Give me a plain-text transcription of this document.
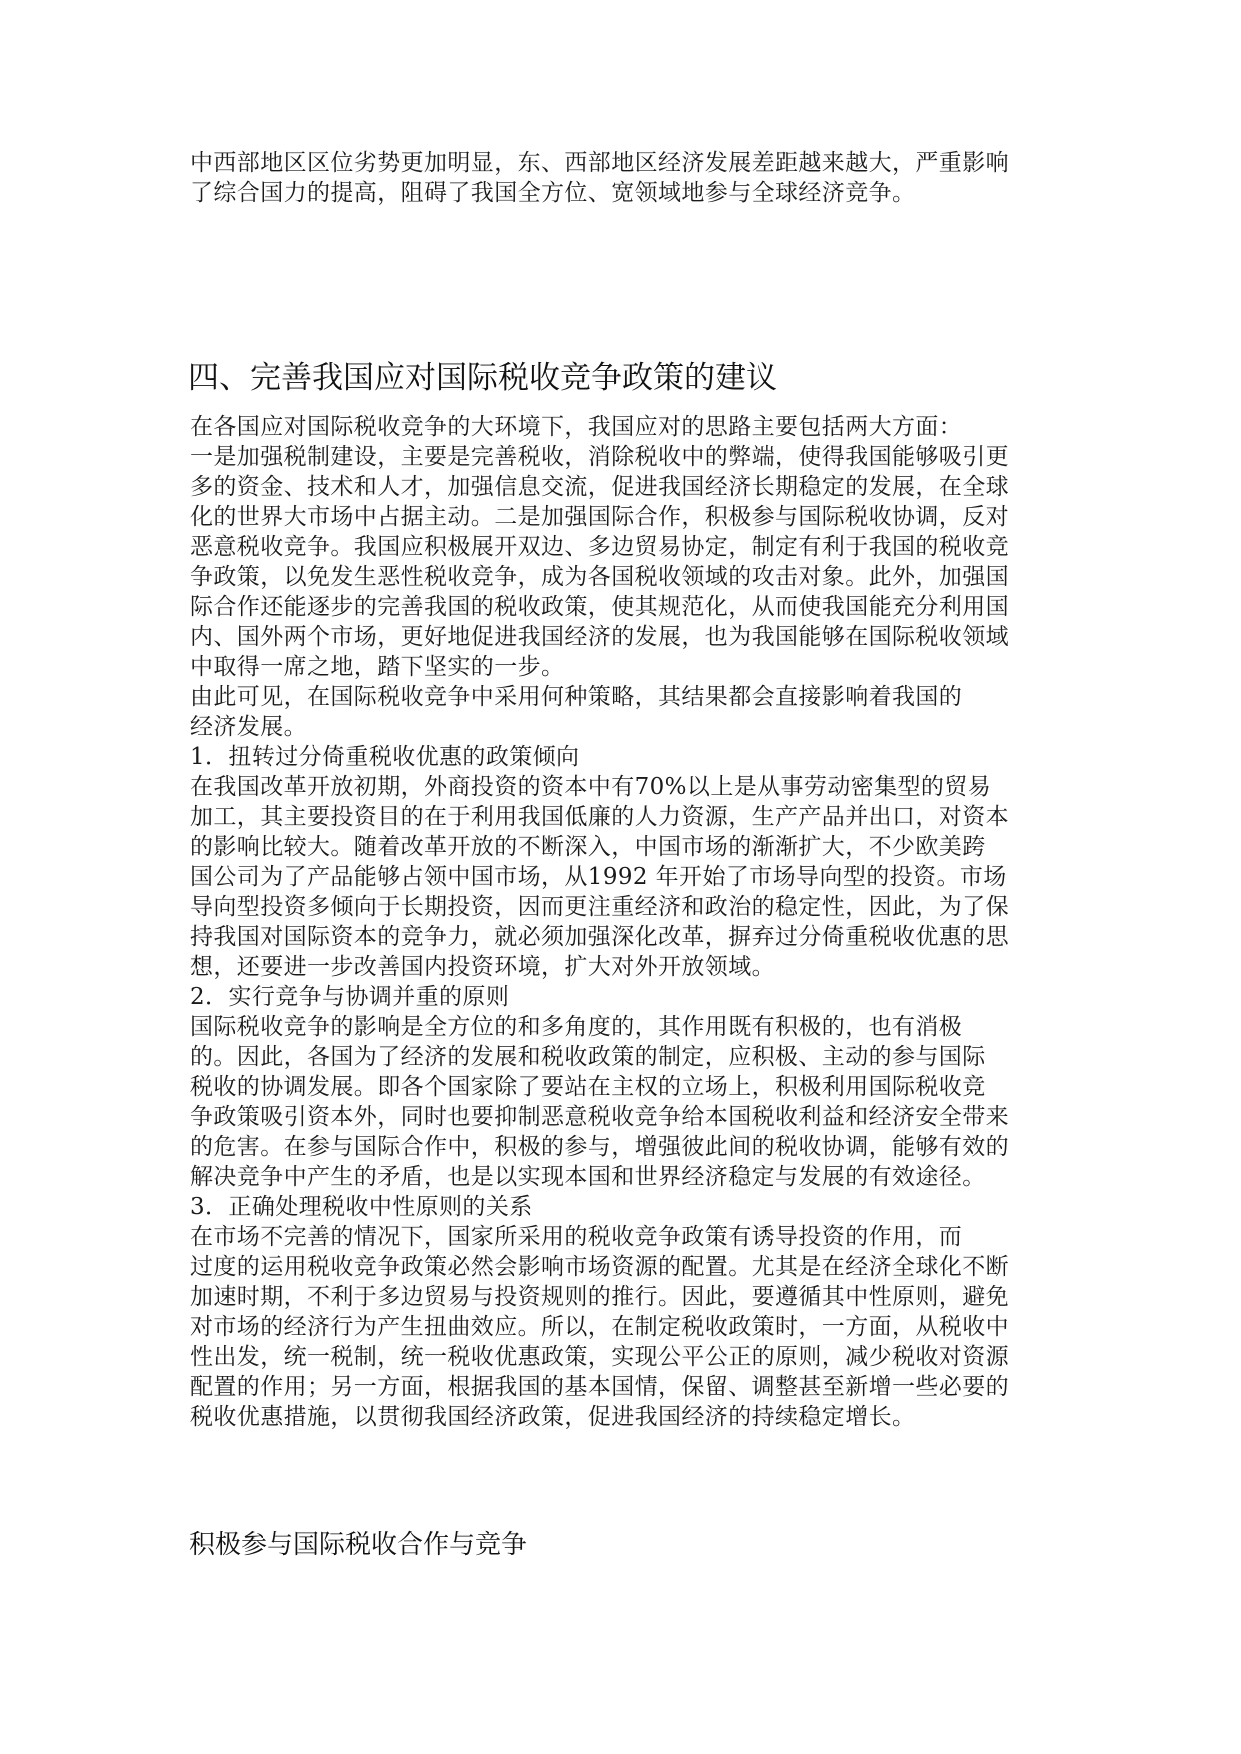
中西部地区区位劣势更加明显，东、西部地区经济发展差距越来越大，严重影响
了综合国力的提高，阻碍了我国全方位、宽领域地参与全球经济竞争。
四、完善我国应对国际税收竞争政策的建议
在各国应对国际税收竞争的大环境下，我国应对的思路主要包括两大方面：
一是加强税制建设，主要是完善税收，消除税收中的弊端，使得我国能够吸引更
多的资金、技术和人才，加强信息交流，促进我国经济长期稳定的发展，在全球
化的世界大市场中占据主动。二是加强国际合作，积极参与国际税收协调，反对
恶意税收竞争。我国应积极展开双边、多边贸易协定，制定有利于我国的税收竞
争政策，以免发生恶性税收竞争，成为各国税收领域的攻击对象。此外，加强国
际合作还能逐步的完善我国的税收政策，使其规范化，从而使我国能充分利用国
内、国外两个市场，更好地促进我国经济的发展，也为我国能够在国际税收领域
中取得一席之地，踏下坚实的一步。
由此可见，在国际税收竞争中采用何种策略，其结果都会直接影响着我国的
经济发展。
1．扭转过分倚重税收优惠的政策倾向
在我国改革开放初期，外商投资的资本中有70%以上是从事劳动密集型的贸易
加工，其主要投资目的在于利用我国低廉的人力资源，生产产品并出口，对资本
的影响比较大。随着改革开放的不断深入，中国市场的渐渐扩大，不少欧美跨
国公司为了产品能够占领中国市场，从1992 年开始了市场导向型的投资。市场
导向型投资多倾向于长期投资，因而更注重经济和政治的稳定性，因此，为了保
持我国对国际资本的竞争力，就必须加强深化改革，摒弃过分倚重税收优惠的思
想，还要进一步改善国内投资环境，扩大对外开放领域。
2．实行竞争与协调并重的原则
国际税收竞争的影响是全方位的和多角度的，其作用既有积极的，也有消极
的。因此，各国为了经济的发展和税收政策的制定，应积极、主动的参与国际
税收的协调发展。即各个国家除了要站在主权的立场上，积极利用国际税收竞
争政策吸引资本外，同时也要抑制恶意税收竞争给本国税收利益和经济安全带来
的危害。在参与国际合作中，积极的参与，增强彼此间的税收协调，能够有效的
解决竞争中产生的矛盾，也是以实现本国和世界经济稳定与发展的有效途径。
3．正确处理税收中性原则的关系
在市场不完善的情况下，国家所采用的税收竞争政策有诱导投资的作用，而
过度的运用税收竞争政策必然会影响市场资源的配置。尤其是在经济全球化不断
加速时期，不利于多边贸易与投资规则的推行。因此，要遵循其中性原则，避免
对市场的经济行为产生扭曲效应。所以，在制定税收政策时，一方面，从税收中
性出发，统一税制，统一税收优惠政策，实现公平公正的原则，减少税收对资源
配置的作用；另一方面，根据我国的基本国情，保留、调整甚至新增一些必要的
税收优惠措施，以贯彻我国经济政策，促进我国经济的持续稳定增长。
积极参与国际税收合作与竞争
